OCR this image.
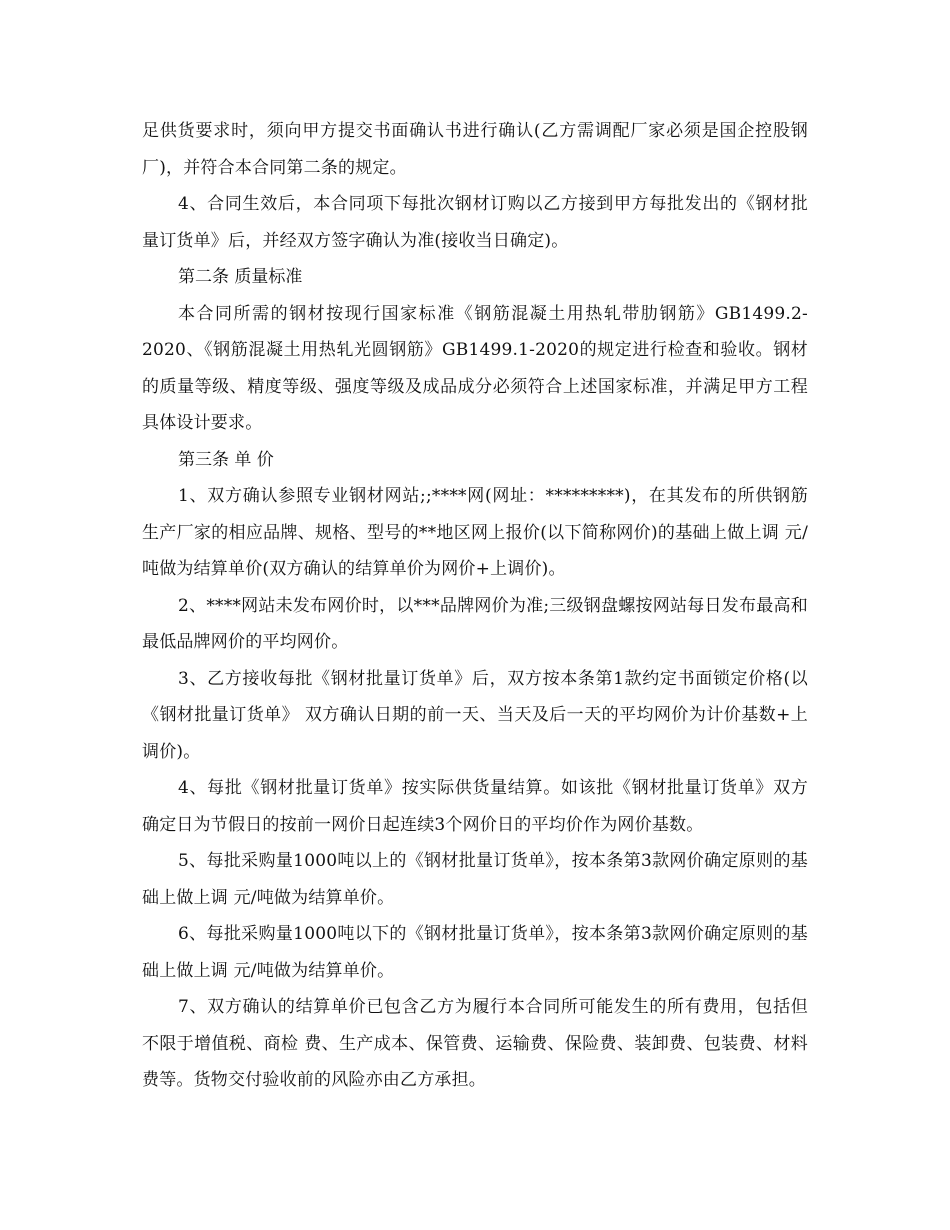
足供货要求时，须向甲方提交书面确认书进行确认(乙方需调配厂家必须是国企控股钢厂)，并符合本合同第二条的规定。

4、合同生效后，本合同项下每批次钢材订购以乙方接到甲方每批发出的《钢材批量订货单》后，并经双方签字确认为准(接收当日确定)。

第二条 质量标准

本合同所需的钢材按现行国家标准《钢筋混凝土用热轧带肋钢筋》GB1499.2-2020、《钢筋混凝土用热轧光圆钢筋》GB1499.1-2020的规定进行检查和验收。钢材的质量等级、精度等级、强度等级及成品成分必须符合上述国家标准，并满足甲方工程具体设计要求。

第三条 单 价

1、双方确认参照专业钢材网站;;****网(网址：*********)，在其发布的所供钢筋生产厂家的相应品牌、规格、型号的**地区网上报价(以下简称网价)的基础上做上调 元/吨做为结算单价(双方确认的结算单价为网价+上调价)。

2、****网站未发布网价时，以***品牌网价为准;三级钢盘螺按网站每日发布最高和最低品牌网价的平均网价。

3、乙方接收每批《钢材批量订货单》后，双方按本条第1款约定书面锁定价格(以《钢材批量订货单》 双方确认日期的前一天、当天及后一天的平均网价为计价基数+上调价)。

4、每批《钢材批量订货单》按实际供货量结算。如该批《钢材批量订货单》双方确定日为节假日的按前一网价日起连续3个网价日的平均价作为网价基数。

5、每批采购量1000吨以上的《钢材批量订货单》，按本条第3款网价确定原则的基础上做上调 元/吨做为结算单价。

6、每批采购量1000吨以下的《钢材批量订货单》，按本条第3款网价确定原则的基础上做上调 元/吨做为结算单价。

7、双方确认的结算单价已包含乙方为履行本合同所可能发生的所有费用，包括但不限于增值税、商检 费、生产成本、保管费、运输费、保险费、装卸费、包装费、材料费等。货物交付验收前的风险亦由乙方承担。
